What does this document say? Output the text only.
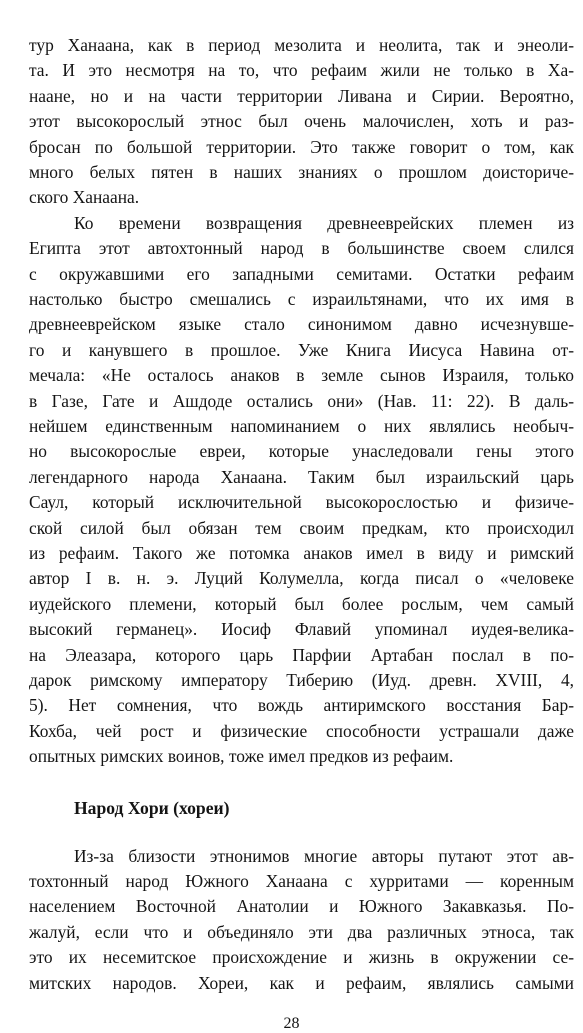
тур Ханаана, как в период мезолита и неолита, так и энеоли-
та. И это несмотря на то, что рефаим жили не только в Ха-
наане, но и на части территории Ливана и Сирии. Вероятно,
этот высокорослый этнос был очень малочислен, хоть и раз-
бросан по большой территории. Это также говорит о том, как
много белых пятен в наших знаниях о прошлом доисториче-
ского Ханаана.
Ко времени возвращения древнееврейских племен из
Египта этот автохтонный народ в большинстве своем слился
с окружавшими его западными семитами. Остатки рефаим
настолько быстро смешались с израильтянами, что их имя в
древнееврейском языке стало синонимом давно исчезнувше-
го и канувшего в прошлое. Уже Книга Иисуса Навина от-
мечала: «Не осталось анаков в земле сынов Израиля, только
в Газе, Гате и Ашдоде остались они» (Нав. 11: 22). В даль-
нейшем единственным напоминанием о них являлись необыч-
но высокорослые евреи, которые унаследовали гены этого
легендарного народа Ханаана. Таким был израильский царь
Саул, который исключительной высокорослостью и физиче-
ской силой был обязан тем своим предкам, кто происходил
из рефаим. Такого же потомка анаков имел в виду и римский
автор I в. н. э. Луций Колумелла, когда писал о «человеке
иудейского племени, который был более рослым, чем самый
высокий германец». Иосиф Флавий упоминал иудея-велика-
на Элеазара, которого царь Парфии Артабан послал в по-
дарок римскому императору Тиберию (Иуд. древн. XVIII, 4,
5). Нет сомнения, что вождь антиримского восстания Бар-
Кохба, чей рост и физические способности устрашали даже
опытных римских воинов, тоже имел предков из рефаим.
Народ Хори (хореи)
Из-за близости этнонимов многие авторы путают этот ав-
тохтонный народ Южного Ханаана с хурритами — коренным
населением Восточной Анатолии и Южного Закавказья. По-
жалуй, если что и объединяло эти два различных этноса, так
это их несемитское происхождение и жизнь в окружении се-
митских народов. Хореи, как и рефаим, являлись самыми
28
